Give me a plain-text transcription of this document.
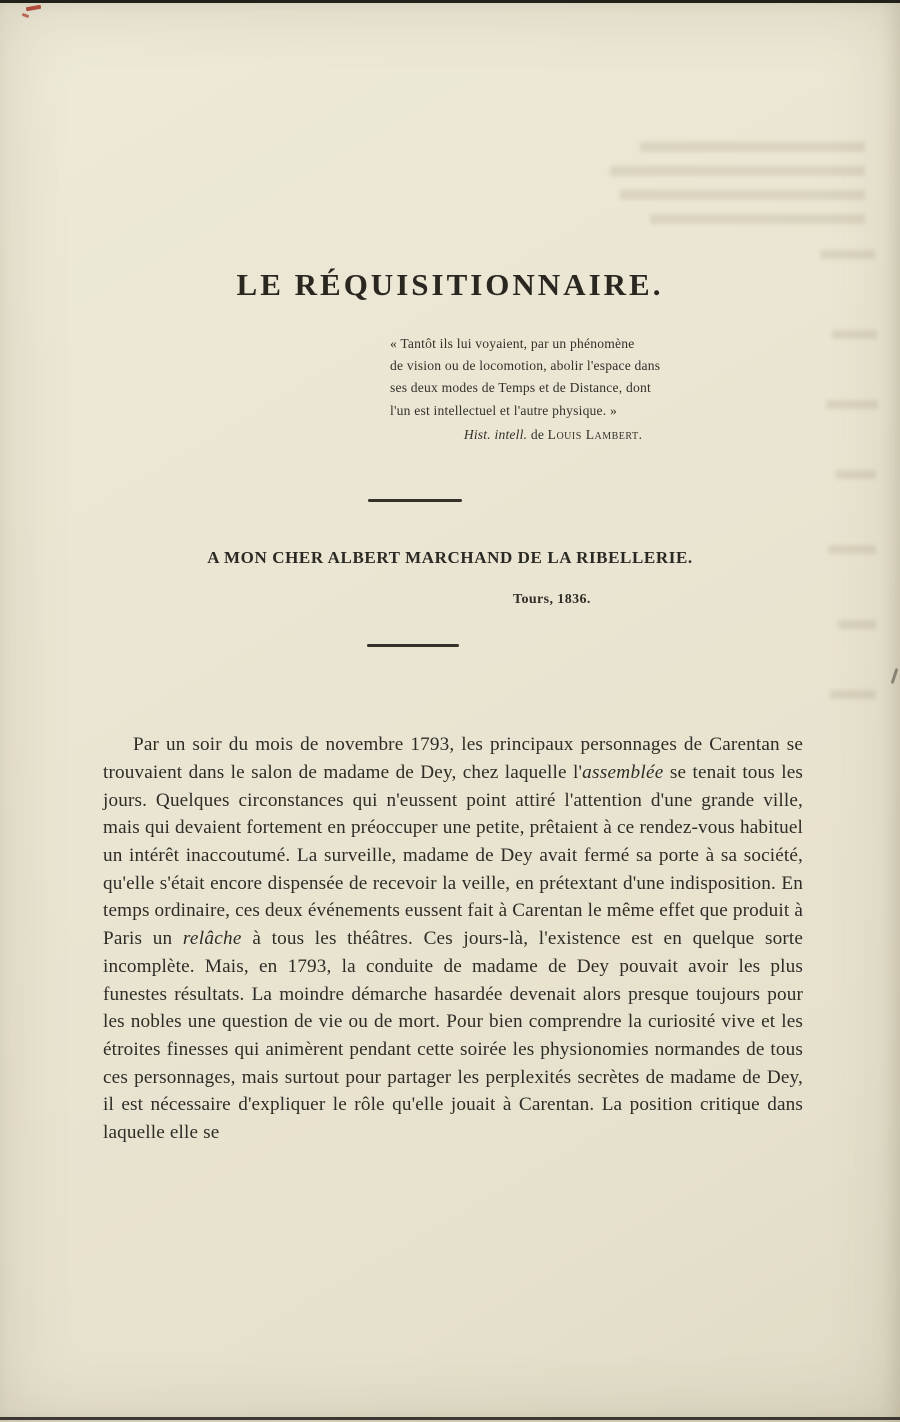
LE RÉQUISITIONNAIRE.
« Tantôt ils lui voyaient, par un phénomène
de vision ou de locomotion, abolir l'espace dans
ses deux modes de Temps et de Distance, dont
l'un est intellectuel et l'autre physique. »
Hist. intell. de Louis Lambert.
A MON CHER ALBERT MARCHAND DE LA RIBELLERIE.
Tours, 1836.

Par un soir du mois de novembre 1793, les principaux personnages de Carentan se trouvaient dans le salon de madame de Dey, chez laquelle l'assemblée se tenait tous les jours. Quelques circonstances qui n'eussent point attiré l'attention d'une grande ville, mais qui devaient fortement en préoccuper une petite, prêtaient à ce rendez-vous habituel un intérêt inaccoutumé. La surveille, madame de Dey avait fermé sa porte à sa société, qu'elle s'était encore dispensée de recevoir la veille, en prétextant d'une indisposition. En temps ordinaire, ces deux événements eussent fait à Carentan le même effet que produit à Paris un relâche à tous les théâtres. Ces jours-là, l'existence est en quelque sorte incomplète. Mais, en 1793, la conduite de madame de Dey pouvait avoir les plus funestes résultats. La moindre démarche hasardée devenait alors presque toujours pour les nobles une question de vie ou de mort. Pour bien comprendre la curiosité vive et les étroites finesses qui animèrent pendant cette soirée les physionomies normandes de tous ces personnages, mais surtout pour partager les perplexités secrètes de madame de Dey, il est nécessaire d'expliquer le rôle qu'elle jouait à Carentan. La position critique dans laquelle elle se
